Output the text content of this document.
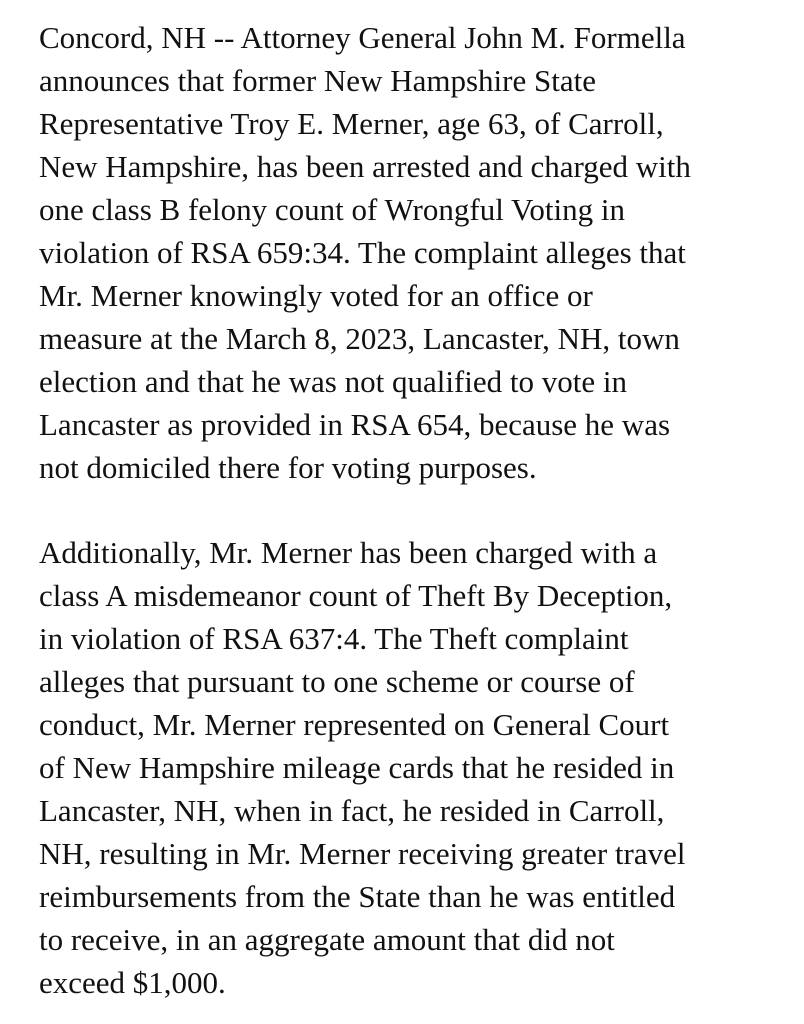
Concord, NH -- Attorney General John M. Formella

announces that former New Hampshire State

Representative Troy E. Merner, age 63, of Carroll,

New Hampshire, has been arrested and charged with

one class B felony count of Wrongful Voting in

violation of RSA 659:34. The complaint alleges that

Mr. Merner knowingly voted for an office or

measure at the March 8, 2023, Lancaster, NH, town

election and that he was not qualified to vote in

Lancaster as provided in RSA 654, because he was

not domiciled there for voting purposes.

Additionally, Mr. Merner has been charged with a

class A misdemeanor count of Theft By Deception,

in violation of RSA 637:4. The Theft complaint

alleges that pursuant to one scheme or course of

conduct, Mr. Merner represented on General Court

of New Hampshire mileage cards that he resided in

Lancaster, NH, when in fact, he resided in Carroll,

NH, resulting in Mr. Merner receiving greater travel

reimbursements from the State than he was entitled

to receive, in an aggregate amount that did not

exceed $1,000.
